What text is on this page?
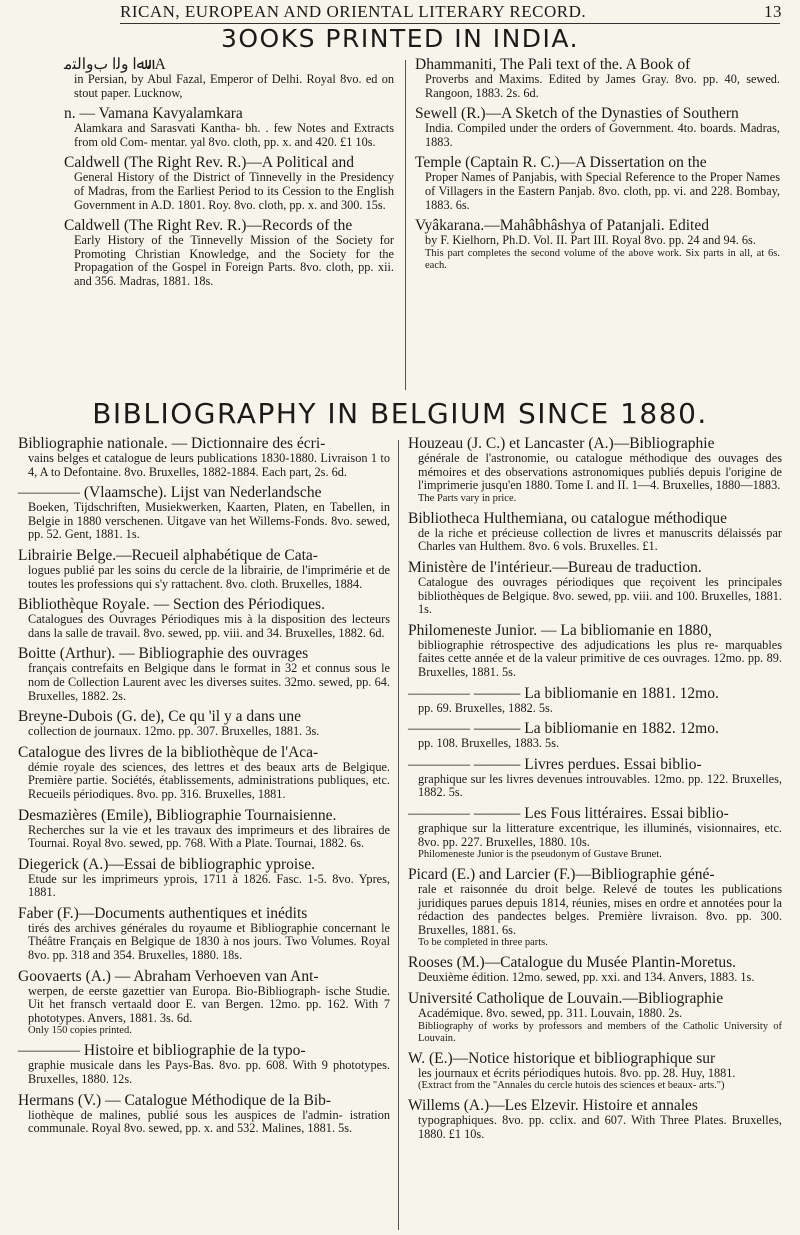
RICAN, EUROPEAN AND ORIENTAL LITERARY RECORD.	13
3OOKS PRINTED IN INDIA.
ﷲا ﻭﻟﺍ ﺏﻭﺍﻟﺘﻣ، A
in Persian, by Abul Fazal, Emperor of Delhi. Royal 8vo. ed on stout paper. Lucknow,
n. — Vamana Kavyalamkara
Alamkara and Sarasvati Kantha- bh. . few Notes and Extracts from old Com- mentar. yal 8vo. cloth, pp. x. and 420. £1 10s.
Caldwell (The Right Rev. R.)—A Political and
General History of the District of Tinnevelly in the Presidency of Madras, from the Earliest Period to its Cession to the English Government in A.D. 1801. Roy. 8vo. cloth, pp. x. and 300. 15s.
Caldwell (The Right Rev. R.)—Records of the
Early History of the Tinnevelly Mission of the Society for Promoting Christian Knowledge, and the Society for the Propagation of the Gospel in Foreign Parts. 8vo. cloth, pp. xii. and 356. Madras, 1881. 18s.
Dhammaniti, The Pali text of the. A Book of
Proverbs and Maxims. Edited by James Gray. 8vo. pp. 40, sewed. Rangoon, 1883. 2s. 6d.
Sewell (R.)—A Sketch of the Dynasties of Southern
India. Compiled under the orders of Government. 4to. boards. Madras, 1883.
Temple (Captain R. C.)—A Dissertation on the
Proper Names of Panjabis, with Special Reference to the Proper Names of Villagers in the Eastern Panjab. 8vo. cloth, pp. vi. and 228. Bombay, 1883. 6s.
Vyâkarana.—Mahâbhâshya of Patanjali. Edited
by F. Kielhorn, Ph.D. Vol. II. Part III. Royal 8vo. pp. 24 and 94. 6s.
This part completes the second volume of the above work. Six parts in all, at 6s. each.
BIBLIOGRAPHY IN BELGIUM SINCE 1880.
Bibliographie nationale. — Dictionnaire des écri-
vains belges et catalogue de leurs publications 1830-1880. Livraison 1 to 4, A to Defontaine. 8vo. Bruxelles, 1882-1884. Each part, 2s. 6d.
———— (Vlaamsche). Lijst van Nederlandsche
Boeken, Tijdschriften, Musiekwerken, Kaarten, Platen, en Tabellen, in Belgie in 1880 verschenen. Uitgave van het Willems-Fonds. 8vo. sewed, pp. 52. Gent, 1881. 1s.
Librairie Belge.—Recueil alphabétique de Cata-
logues publié par les soins du cercle de la librairie, de l'imprimérie et de toutes les professions qui s'y rattachent. 8vo. cloth. Bruxelles, 1884.
Bibliothèque Royale. — Section des Périodiques.
Catalogues des Ouvrages Périodiques mis à la disposition des lecteurs dans la salle de travail. 8vo. sewed, pp. viii. and 34. Bruxelles, 1882. 6d.
Boitte (Arthur). — Bibliographie des ouvrages
français contrefaits en Belgique dans le format in 32 et connus sous le nom de Collection Laurent avec les diverses suites. 32mo. sewed, pp. 64. Bruxelles, 1882. 2s.
Breyne-Dubois (G. de), Ce qu 'il y a dans une
collection de journaux. 12mo. pp. 307. Bruxelles, 1881. 3s.
Catalogue des livres de la bibliothèque de l'Aca-
démie royale des sciences, des lettres et des beaux arts de Belgique. Première partie. Sociétés, établissements, administrations publiques, etc. Recueils périodiques. 8vo. pp. 316. Bruxelles, 1881.
Desmazières (Emile), Bibliographie Tournaisienne.
Recherches sur la vie et les travaux des imprimeurs et des libraires de Tournai. Royal 8vo. sewed, pp. 768. With a Plate. Tournai, 1882. 6s.
Diegerick (A.)—Essai de bibliographic yproise.
Etude sur les imprimeurs yprois, 1711 à 1826. Fasc. 1-5. 8vo. Ypres, 1881.
Faber (F.)—Documents authentiques et inédits
tirés des archives générales du royaume et Bibliographie concernant le Théâtre Français en Belgique de 1830 à nos jours. Two Volumes. Royal 8vo. pp. 318 and 354. Bruxelles, 1880. 18s.
Goovaerts (A.) — Abraham Verhoeven van Ant-
werpen, de eerste gazettier van Europa. Bio-Bibliograph- ische Studie. Uit het fransch vertaald door E. van Bergen. 12mo. pp. 162. With 7 phototypes. Anvers, 1881. 3s. 6d.
Only 150 copies printed.
———— Histoire et bibliographie de la typo-
graphie musicale dans les Pays-Bas. 8vo. pp. 608. With 9 phototypes. Bruxelles, 1880. 12s.
Hermans (V.) — Catalogue Méthodique de la Bib-
liothèque de malines, publié sous les auspices de l'admin- istration communale. Royal 8vo. sewed, pp. x. and 532. Malines, 1881. 5s.
Houzeau (J. C.) et Lancaster (A.)—Bibliographie
générale de l'astronomie, ou catalogue méthodique des ouvages des mémoires et des observations astronomiques publiés depuis l'origine de l'imprimerie jusqu'en 1880. Tome I. and II. 1—4. Bruxelles, 1880—1883.
The Parts vary in price.
Bibliotheca Hulthemiana, ou catalogue méthodique
de la riche et précieuse collection de livres et manuscrits délaissés par Charles van Hulthem. 8vo. 6 vols. Bruxelles. £1.
Ministère de l'intérieur.—Bureau de traduction.
Catalogue des ouvrages périodiques que reçoivent les principales bibliothèques de Belgique. 8vo. sewed, pp. viii. and 100. Bruxelles, 1881. 1s.
Philomeneste Junior. — La bibliomanie en 1880,
bibliographie rétrospective des adjudications les plus re- marquables faites cette année et de la valeur primitive de ces ouvrages. 12mo. pp. 89. Bruxelles, 1881. 5s.
———— ——— La bibliomanie en 1881. 12mo.
pp. 69. Bruxelles, 1882. 5s.
———— ——— La bibliomanie en 1882. 12mo.
pp. 108. Bruxelles, 1883. 5s.
———— ——— Livres perdues. Essai biblio-
graphique sur les livres devenues introuvables. 12mo. pp. 122. Bruxelles, 1882. 5s.
———— ——— Les Fous littéraires. Essai biblio-
graphique sur la litterature excentrique, les illuminés, visionnaires, etc. 8vo. pp. 227. Bruxelles, 1880. 10s.
Philomeneste Junior is the pseudonym of Gustave Brunet.
Picard (E.) and Larcier (F.)—Bibliographie géné-
rale et raisonnée du droit belge. Relevé de toutes les publications juridiques parues depuis 1814, réunies, mises en ordre et annotées pour la rédaction des pandectes belges. Première livraison. 8vo. pp. 300. Bruxelles, 1881. 6s.
To be completed in three parts.
Rooses (M.)—Catalogue du Musée Plantin-Moretus.
Deuxième édition. 12mo. sewed, pp. xxi. and 134. Anvers, 1883. 1s.
Université Catholique de Louvain.—Bibliographie
Académique. 8vo. sewed, pp. 311. Louvain, 1880. 2s.
Bibliography of works by professors and members of the Catholic University of Louvain.
W. (E.)—Notice historique et bibliographique sur
les journaux et écrits périodiques hutois. 8vo. pp. 28. Huy, 1881.
(Extract from the "Annales du cercle hutois des sciences et beaux- arts.")
Willems (A.)—Les Elzevir. Histoire et annales
typographiques. 8vo. pp. cclix. and 607. With Three Plates. Bruxelles, 1880. £1 10s.
